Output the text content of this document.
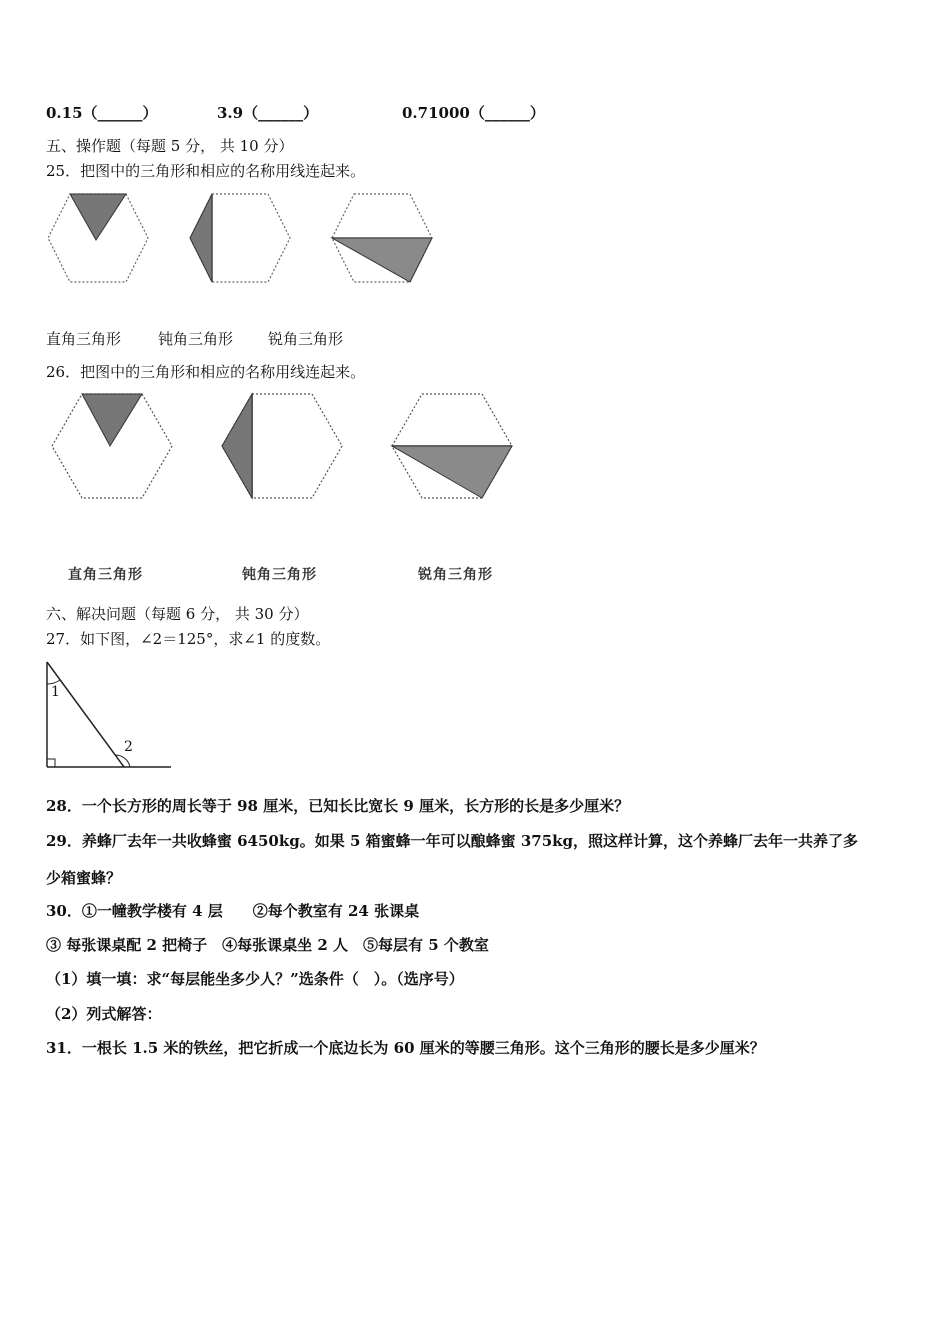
0.15（______）	3.9（______）	0.71000（______）
五、操作题（每题 5 分， 共 10 分）
25．把图中的三角形和相应的名称用线连起来。
直角三角形 钝角三角形 锐角三角形
26．把图中的三角形和相应的名称用线连起来。
直角三角形	钝角三角形	锐角三角形
六、解决问题（每题 6 分， 共 30 分）
27．如下图，∠2＝125°，求∠1 的度数。
1
2
28．一个长方形的周长等于 98 厘米，已知长比宽长 9 厘米，长方形的长是多少厘米？
29．养蜂厂去年一共收蜂蜜 6450kg。如果 5 箱蜜蜂一年可以酿蜂蜜 375kg，照这样计算，这个养蜂厂去年一共养了多
少箱蜜蜂？
30．①一幢教学楼有 4 层　　②每个教室有 24 张课桌
③ 每张课桌配 2 把椅子　④每张课桌坐 2 人　⑤每层有 5 个教室
（1）填一填：求“每层能坐多少人？”选条件（　）。（选序号）
（2）列式解答：
31．一根长 1.5 米的铁丝，把它折成一个底边长为 60 厘米的等腰三角形。这个三角形的腰长是多少厘米？
